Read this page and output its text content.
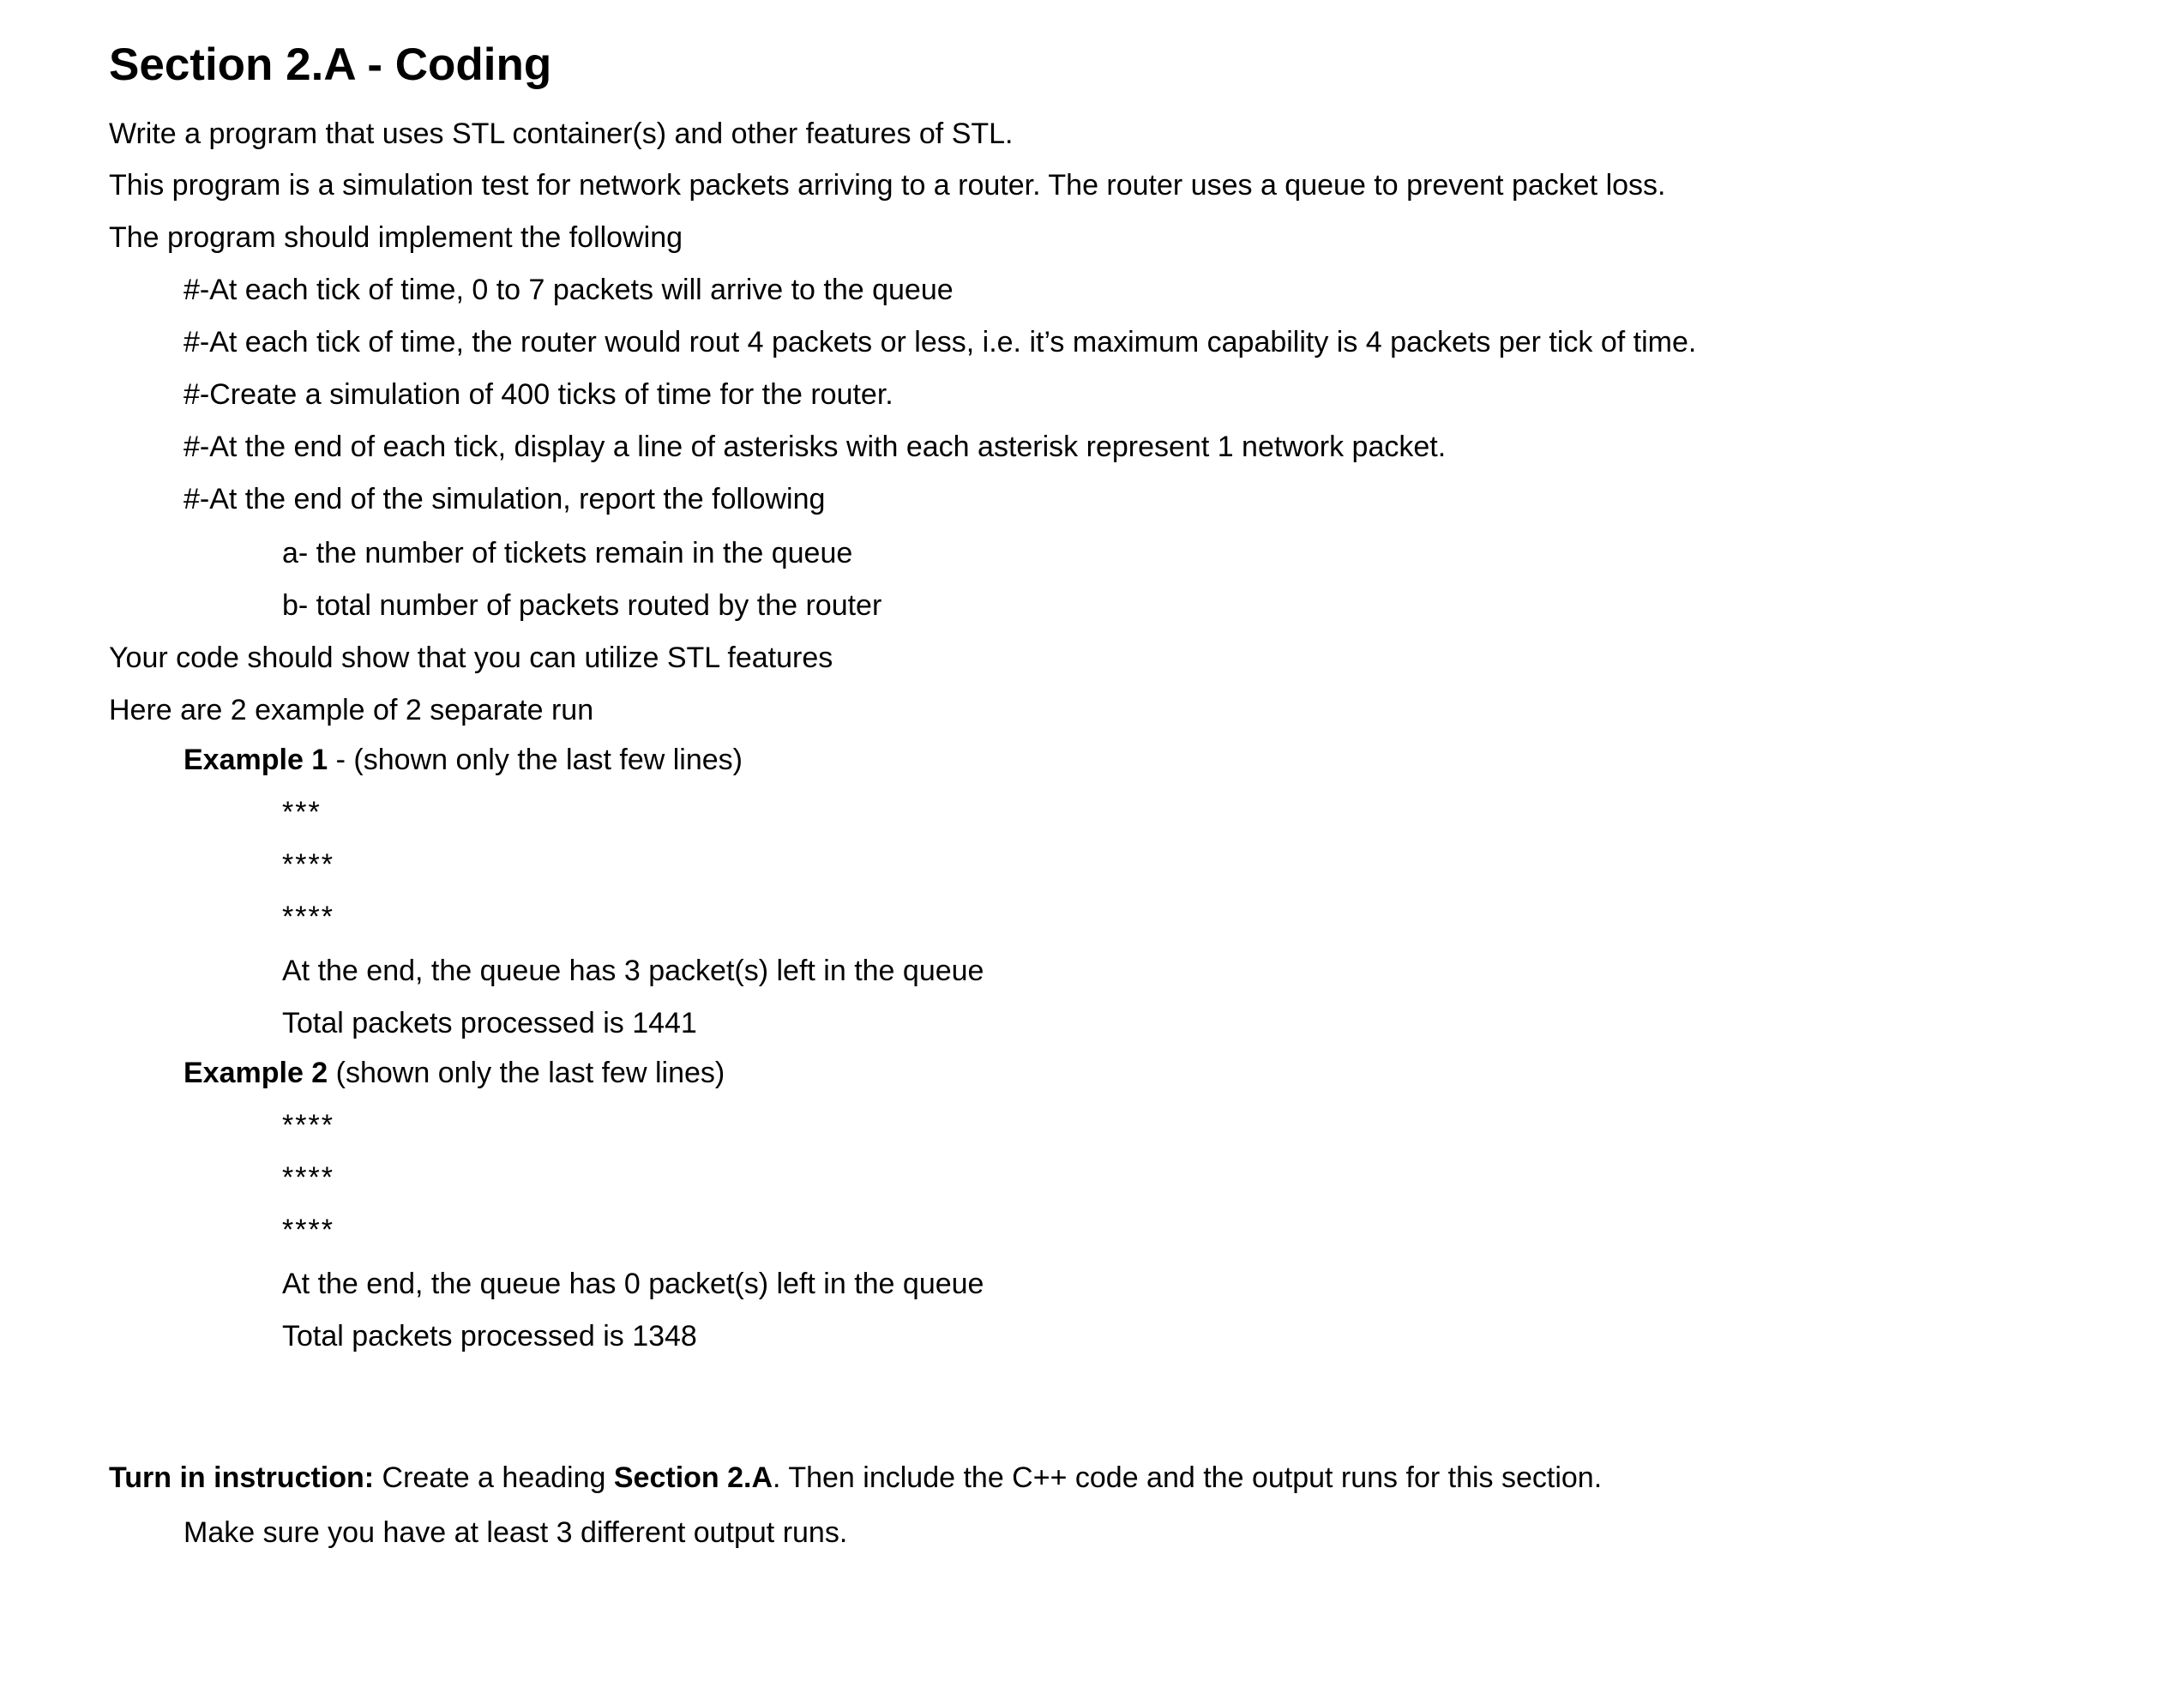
Section 2.A - Coding
Write a program that uses STL container(s) and other features of STL.
This program is a simulation test for network packets arriving to a router. The router uses a queue to prevent packet loss.
The program should implement the following
#-At each tick of time, 0 to 7 packets will arrive to the queue
#-At each tick of time, the router would rout 4 packets or less, i.e. it’s maximum capability is 4 packets per tick of time.
#-Create a simulation of 400 ticks of time for the router.
#-At the end of each tick, display a line of asterisks with each asterisk represent 1 network packet.
#-At the end of the simulation, report the following
a- the number of tickets remain in the queue
b- total number of packets routed by the router
Your code should show that you can utilize STL features
Here are 2 example of 2 separate run
Example 1 - (shown only the last few lines)
***
****
****
At the end, the queue has 3 packet(s) left in the queue
Total packets processed is 1441
Example 2 (shown only the last few lines)
****
****
****
At the end, the queue has 0 packet(s) left in the queue
Total packets processed is 1348
Turn in instruction: Create a heading Section 2.A. Then include the C++ code and the output runs for this section.
Make sure you have at least 3 different output runs.
